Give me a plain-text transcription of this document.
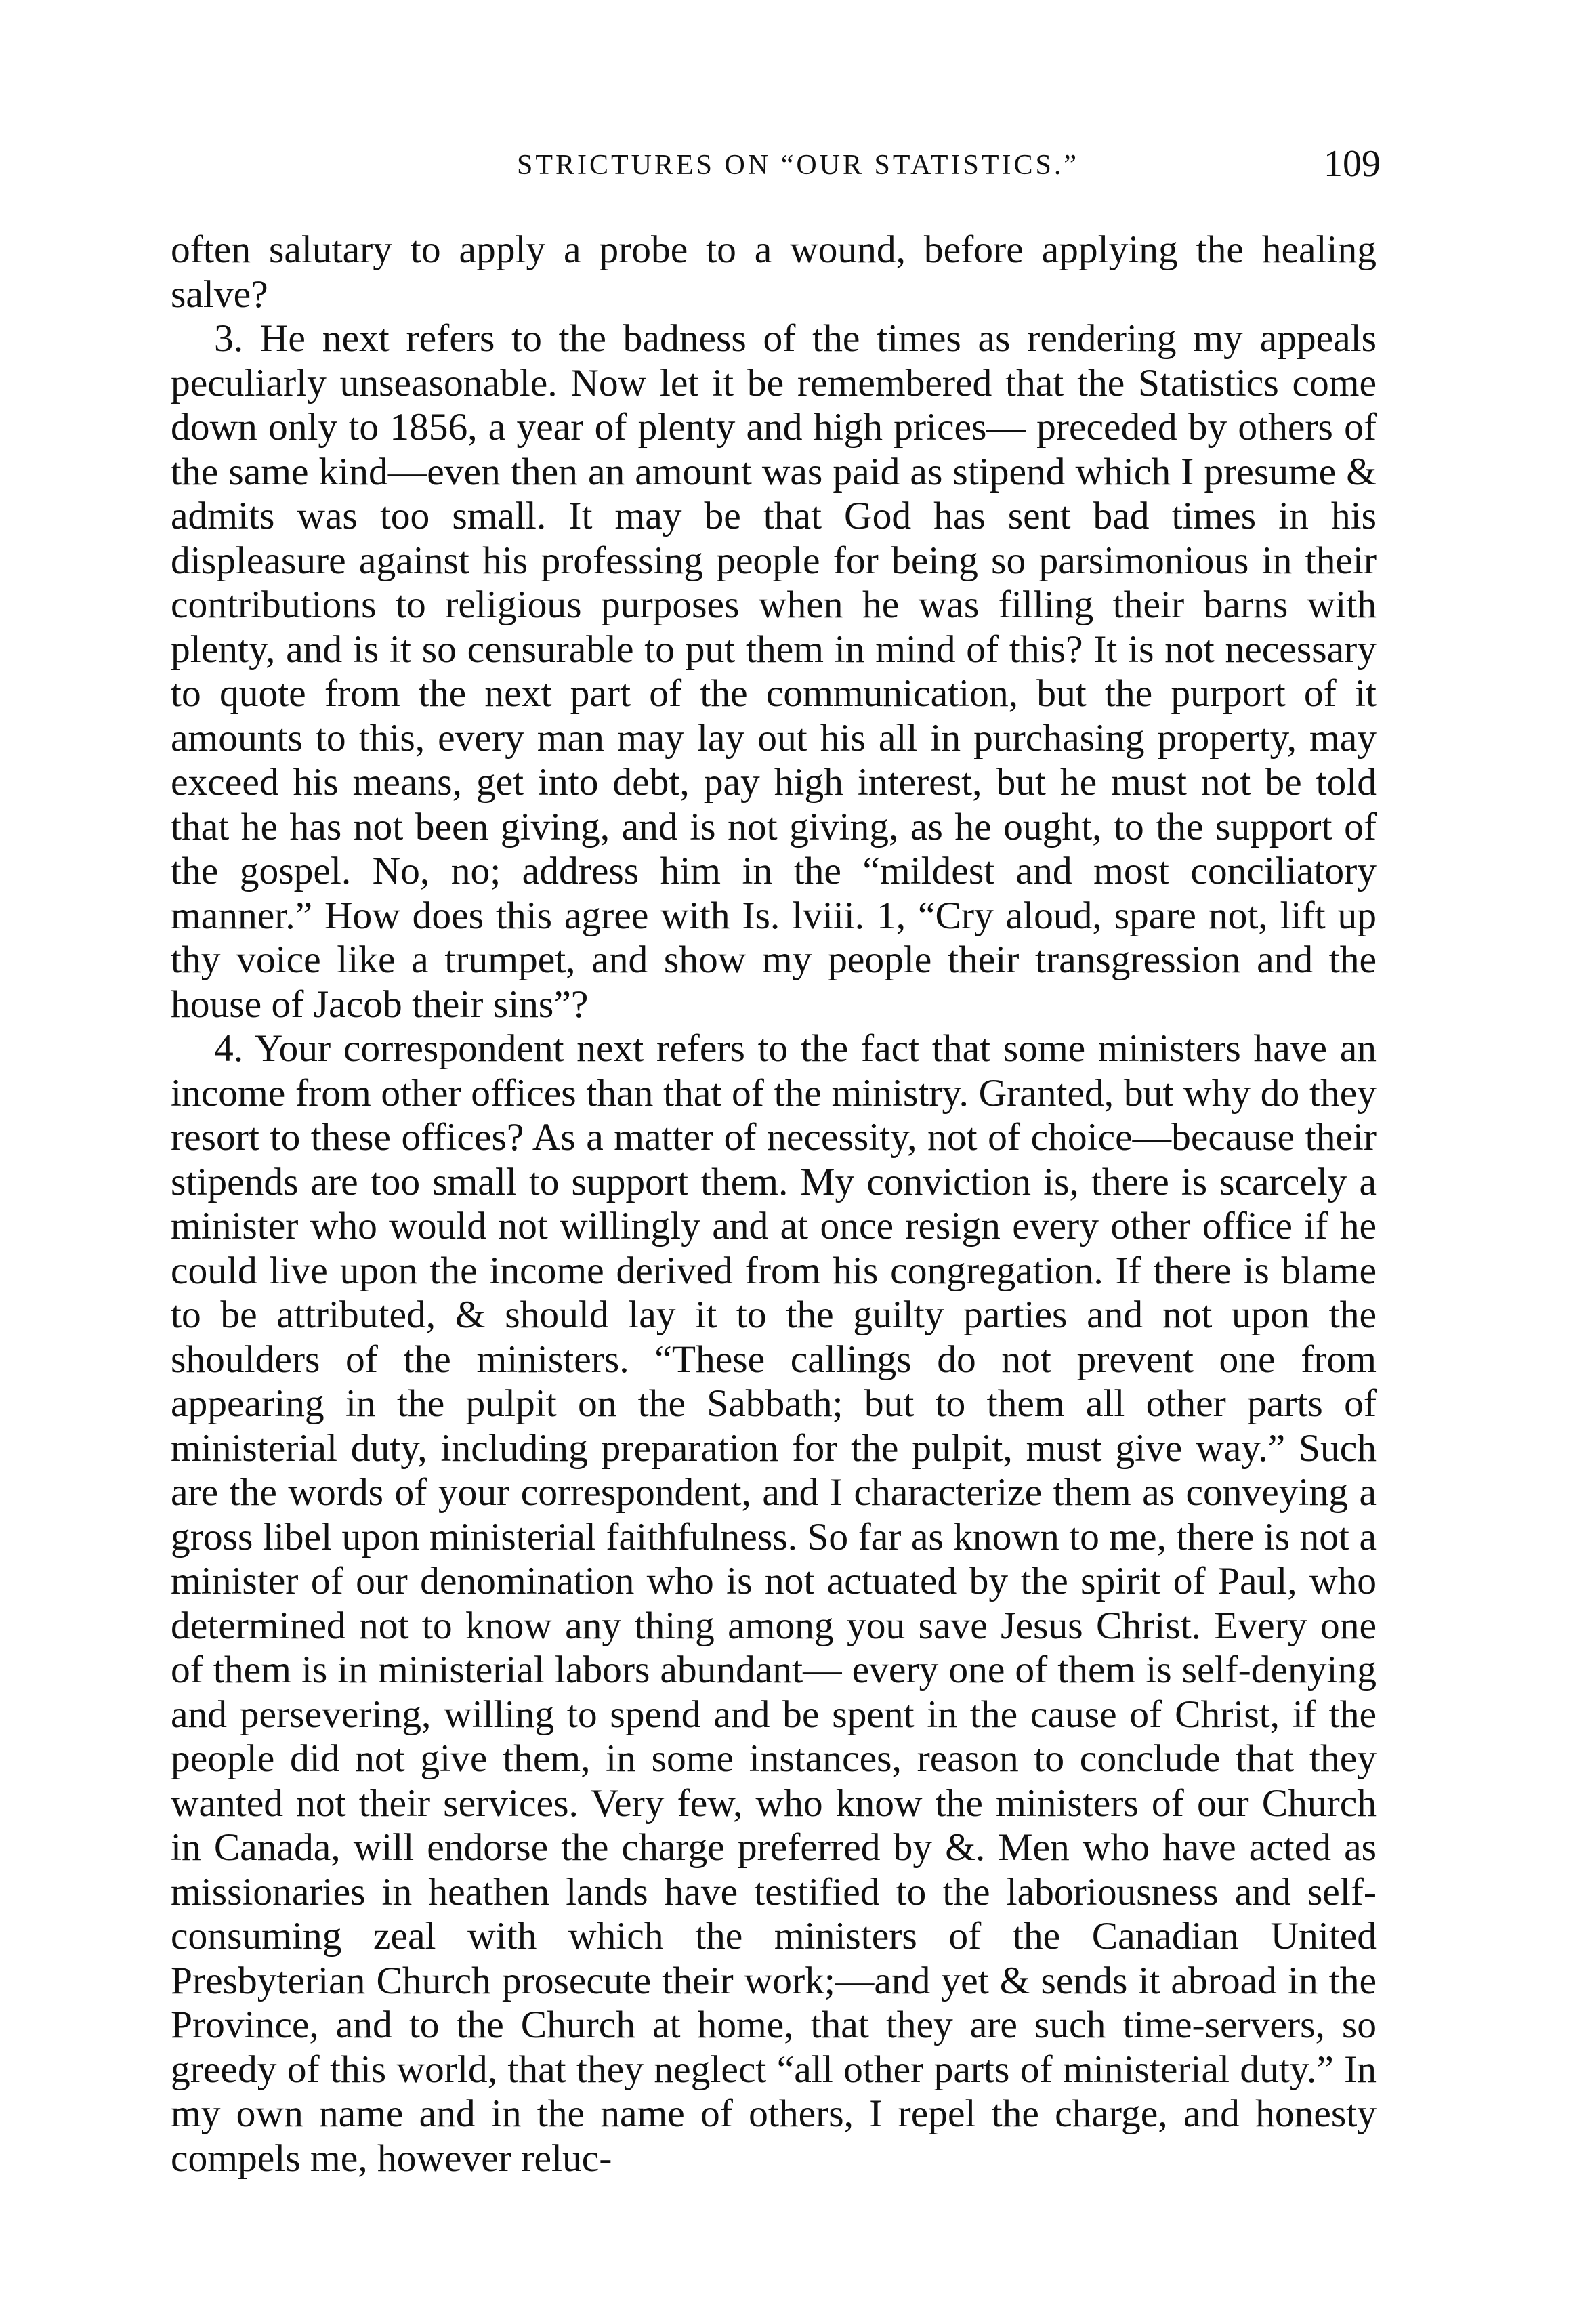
STRICTURES ON “OUR STATISTICS.”	109

often salutary to apply a probe to a wound, before applying the healing salve?

3. He next refers to the badness of the times as rendering my appeals peculiarly unseasonable. Now let it be remembered that the Statistics come down only to 1856, a year of plenty and high prices— preceded by others of the same kind—even then an amount was paid as stipend which I presume & admits was too small. It may be that God has sent bad times in his displeasure against his professing people for being so parsimonious in their contributions to religious purposes when he was filling their barns with plenty, and is it so censurable to put them in mind of this? It is not necessary to quote from the next part of the communication, but the purport of it amounts to this, every man may lay out his all in purchasing property, may exceed his means, get into debt, pay high interest, but he must not be told that he has not been giving, and is not giving, as he ought, to the support of the gospel. No, no; address him in the “mildest and most conciliatory manner.” How does this agree with Is. lviii. 1, “Cry aloud, spare not, lift up thy voice like a trumpet, and show my people their transgression and the house of Jacob their sins”?

4. Your correspondent next refers to the fact that some ministers have an income from other offices than that of the ministry. Granted, but why do they resort to these offices? As a matter of necessity, not of choice—because their stipends are too small to support them. My conviction is, there is scarcely a minister who would not willingly and at once resign every other office if he could live upon the income derived from his congregation. If there is blame to be attributed, & should lay it to the guilty parties and not upon the shoulders of the ministers. “These callings do not prevent one from appearing in the pulpit on the Sabbath; but to them all other parts of ministerial duty, including preparation for the pulpit, must give way.” Such are the words of your correspondent, and I characterize them as conveying a gross libel upon ministerial faithfulness. So far as known to me, there is not a minister of our denomination who is not actuated by the spirit of Paul, who determined not to know any thing among you save Jesus Christ. Every one of them is in ministerial labors abundant— every one of them is self-denying and persevering, willing to spend and be spent in the cause of Christ, if the people did not give them, in some instances, reason to conclude that they wanted not their services. Very few, who know the ministers of our Church in Canada, will endorse the charge preferred by &. Men who have acted as missionaries in heathen lands have testified to the laboriousness and self-consuming zeal with which the ministers of the Canadian United Presbyterian Church prosecute their work;—and yet & sends it abroad in the Province, and to the Church at home, that they are such time-servers, so greedy of this world, that they neglect “all other parts of ministerial duty.” In my own name and in the name of others, I repel the charge, and honesty compels me, however reluc-
